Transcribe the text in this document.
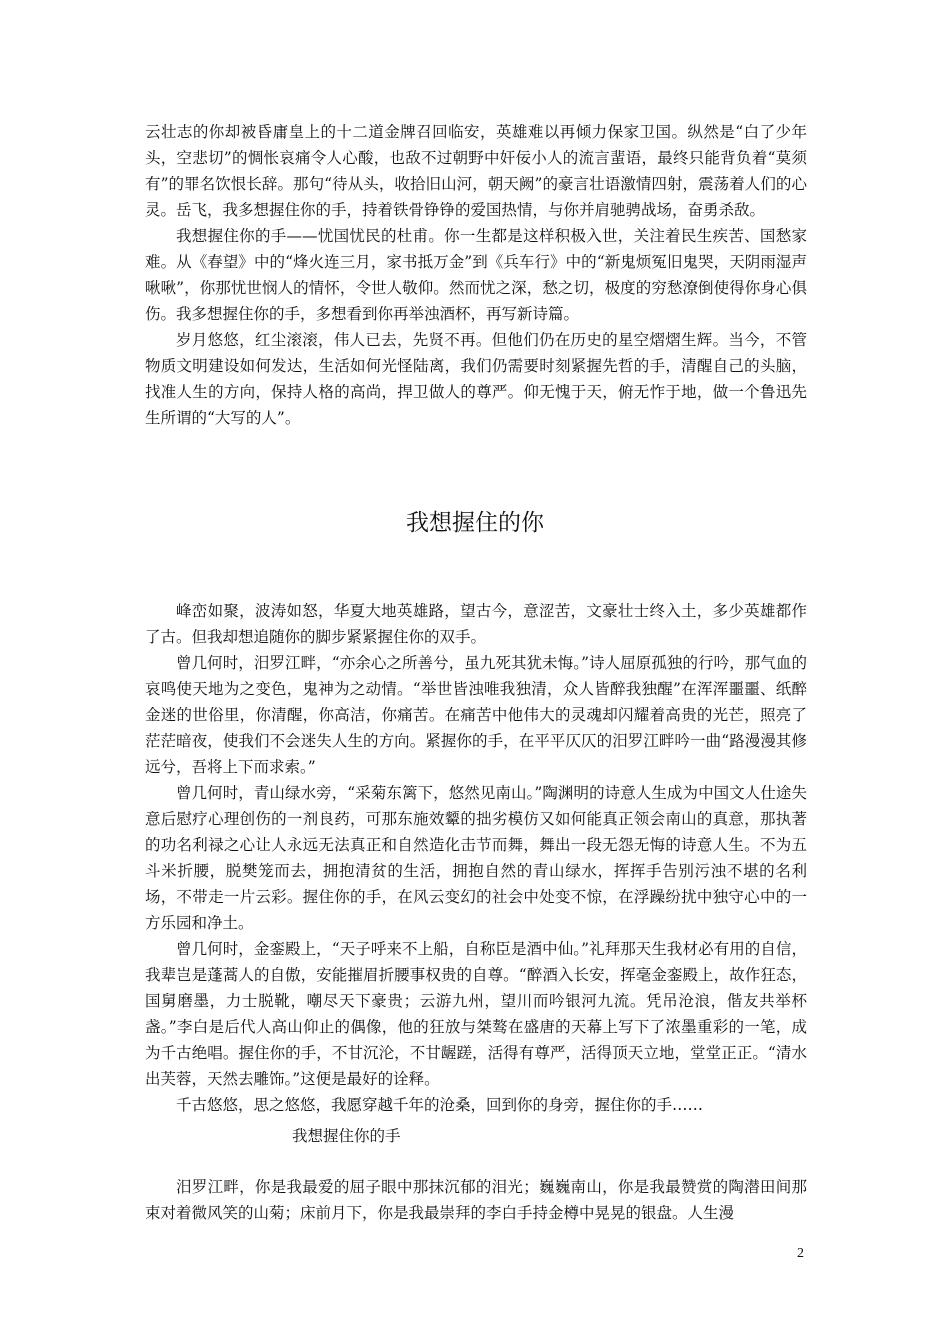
云壮志的你却被昏庸皇上的十二道金牌召回临安，英雄难以再倾力保家卫国。纵然是“白了少年头，空悲切”的惆怅哀痛令人心酸，也敌不过朝野中奸佞小人的流言蜚语，最终只能背负着“莫须有”的罪名饮恨长辞。那句“待从头，收拾旧山河，朝天阙”的豪言壮语激情四射，震荡着人们的心灵。岳飞，我多想握住你的手，持着铁骨铮铮的爱国热情，与你并肩驰骋战场，奋勇杀敌。

我想握住你的手——忧国忧民的杜甫。你一生都是这样积极入世，关注着民生疾苦、国愁家难。从《春望》中的“烽火连三月，家书抵万金”到《兵车行》中的“新鬼烦冤旧鬼哭，天阴雨湿声啾啾”，你那忧世悯人的情怀，令世人敬仰。然而忧之深，愁之切，极度的穷愁潦倒使得你身心俱伤。我多想握住你的手，多想看到你再举浊酒杯，再写新诗篇。

岁月悠悠，红尘滚滚，伟人已去，先贤不再。但他们仍在历史的星空熠熠生辉。当今，不管物质文明建设如何发达，生活如何光怪陆离，我们仍需要时刻紧握先哲的手，清醒自己的头脑，找准人生的方向，保持人格的高尚，捍卫做人的尊严。仰无愧于天，俯无怍于地，做一个鲁迅先生所谓的“大写的人”。

我想握住的你

峰峦如聚，波涛如怒，华夏大地英雄路，望古今，意涩苦，文豪壮士终入土，多少英雄都作了古。但我却想追随你的脚步紧紧握住你的双手。

曾几何时，汨罗江畔，“亦余心之所善兮，虽九死其犹未悔。”诗人屈原孤独的行吟，那气血的哀鸣使天地为之变色，鬼神为之动情。“举世皆浊唯我独清，众人皆醉我独醒”在浑浑噩噩、纸醉金迷的世俗里，你清醒，你高洁，你痛苦。在痛苦中他伟大的灵魂却闪耀着高贵的光芒，照亮了茫茫暗夜，使我们不会迷失人生的方向。紧握你的手，在平平仄仄的汨罗江畔吟一曲“路漫漫其修远兮，吾将上下而求索。”

曾几何时，青山绿水旁，“采菊东篱下，悠然见南山。”陶渊明的诗意人生成为中国文人仕途失意后慰疗心理创伤的一剂良药，可那东施效颦的拙劣模仿又如何能真正领会南山的真意，那执著的功名利禄之心让人永远无法真正和自然造化击节而舞，舞出一段无怨无悔的诗意人生。不为五斗米折腰，脱樊笼而去，拥抱清贫的生活，拥抱自然的青山绿水，挥挥手告别污浊不堪的名利场，不带走一片云彩。握住你的手，在风云变幻的社会中处变不惊，在浮躁纷扰中独守心中的一方乐园和净土。

曾几何时，金銮殿上，“天子呼来不上船，自称臣是酒中仙。”礼拜那天生我材必有用的自信，我辈岂是蓬蒿人的自傲，安能摧眉折腰事权贵的自尊。“醉酒入长安，挥毫金銮殿上，故作狂态，国舅磨墨，力士脱靴，嘲尽天下豪贵；云游九州，望川而吟银河九流。凭吊沧浪，偕友共举杯盏。”李白是后代人高山仰止的偶像，他的狂放与桀骜在盛唐的天幕上写下了浓墨重彩的一笔，成为千古绝唱。握住你的手，不甘沉沦，不甘龌蹉，活得有尊严，活得顶天立地，堂堂正正。“清水出芙蓉，天然去雕饰。”这便是最好的诠释。

千古悠悠，思之悠悠，我愿穿越千年的沧桑，回到你的身旁，握住你的手……

我想握住你的手

汨罗江畔，你是我最爱的屈子眼中那抹沉郁的泪光；巍巍南山，你是我最赞赏的陶潜田间那束对着微风笑的山菊；床前月下，你是我最崇拜的李白手持金樽中晃晃的银盘。人生漫

2
